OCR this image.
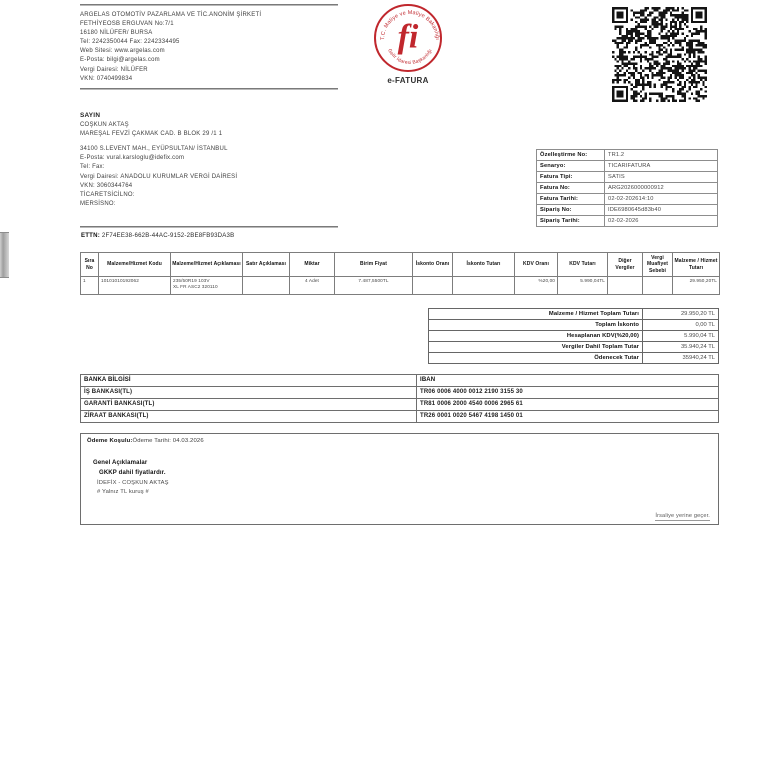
ARGELAS OTOMOTİV PAZARLAMA VE TİC.ANONİM ŞİRKETİ
FETHİYEOSB ERGUVAN No:7/1
16180 NİLÜFER/ BURSA
Tel: 2242350044 Fax: 2242334495
Web Sitesi: www.argelas.com
E-Posta: bilgi@argelas.com
Vergi Dairesi: NİLÜFER
VKN: 0740499834
T.C. Maliye ve Maliye Bakanlığı
Gelir İdaresi Başkanlığı
fi
e-FATURA
SAYIN
COŞKUN AKTAŞ
MAREŞAL FEVZİ ÇAKMAK CAD. B BLOK 29 /1 1
34100 S.LEVENT MAH., EYÜPSULTAN/ İSTANBUL
E-Posta: vural.karsloglu@idefix.com
Tel: Fax:
Vergi Dairesi: ANADOLU KURUMLAR VERGİ DAİRESİ
VKN: 3060344764
TİCARETSİCİLNO:
MERSİSNO:
ETTN: 2F74EE38-662B-44AC-9152-2BE8FB93DA3B
Özelleştirme No:	TR1.2
Senaryo:	TICARIFATURA
Fatura Tipi:	SATIS
Fatura No:	ARG2026000000912
Fatura Tarihi:	02-02-202614:10
Sipariş No:	IDE6980645d83b40
Sipariş Tarihi:	02-02-2026
Sıra No	Malzeme/Hizmet Kodu	Malzeme/Hizmet Açıklaması	Satır Açıklaması	Miktar	Birim Fiyat	İskonto Oranı	İskonto Tutarı	KDV Oranı	KDV Tutarı	Diğer Vergiler	Vergi Muafiyet Sebebi	Malzeme / Hizmet Tutarı
1	10101010192062	235/50R19 103V
XL FR ASC2 320110		4 Adet	7.487,5500TL			%20,00	5.990,04TL			29.950,20TL
Malzeme / Hizmet Toplam Tutarı	29.950,20 TL
Toplam İskonto	0,00 TL
Hesaplanan KDV(%20,00)	5.990,04 TL
Vergiler Dahil Toplam Tutar	35.940,24 TL
Ödenecek Tutar	35940,24 TL
BANKA BİLGİSİ	IBAN
İŞ BANKASI(TL)	TR06 0006 4000 0012 2190 3155 30
GARANTİ BANKASI(TL)	TR81 0006 2000 4540 0006 2965 61
ZİRAAT BANKASI(TL)	TR26 0001 0020 5467 4198 1450 01
Ödeme Koşulu:Ödeme Tarihi: 04.03.2026
Genel Açıklamalar
GKKP dahil fiyatlardır.
İDEFİX - COŞKUN AKTAŞ
# Yalnız TL kuruş #
İrsaliye yerine geçer.
